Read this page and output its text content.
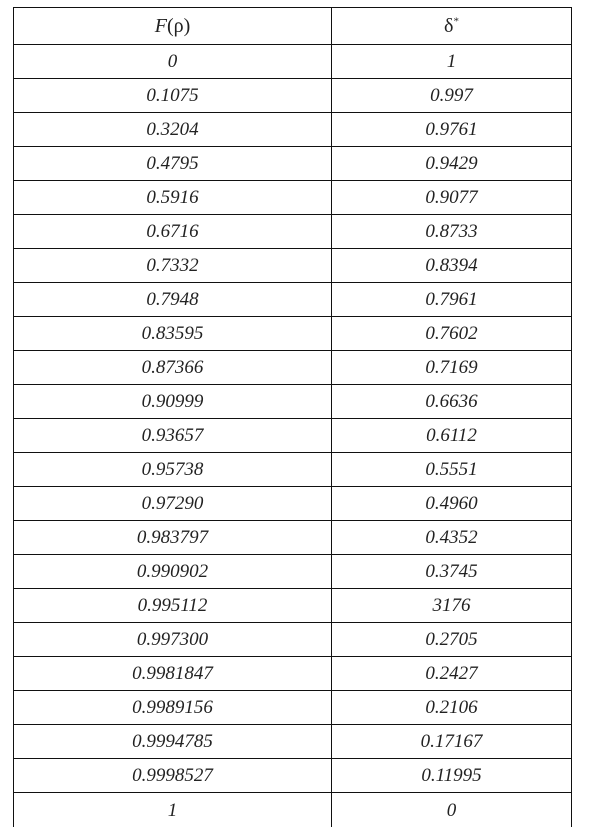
F(ρ)	δ*
0	1
0.1075	0.997
0.3204	0.9761
0.4795	0.9429
0.5916	0.9077
0.6716	0.8733
0.7332	0.8394
0.7948	0.7961
0.83595	0.7602
0.87366	0.7169
0.90999	0.6636
0.93657	0.6112
0.95738	0.5551
0.97290	0.4960
0.983797	0.4352
0.990902	0.3745
0.995112	3176
0.997300	0.2705
0.9981847	0.2427
0.9989156	0.2106
0.9994785	0.17167
0.9998527	0.11995
1	0
